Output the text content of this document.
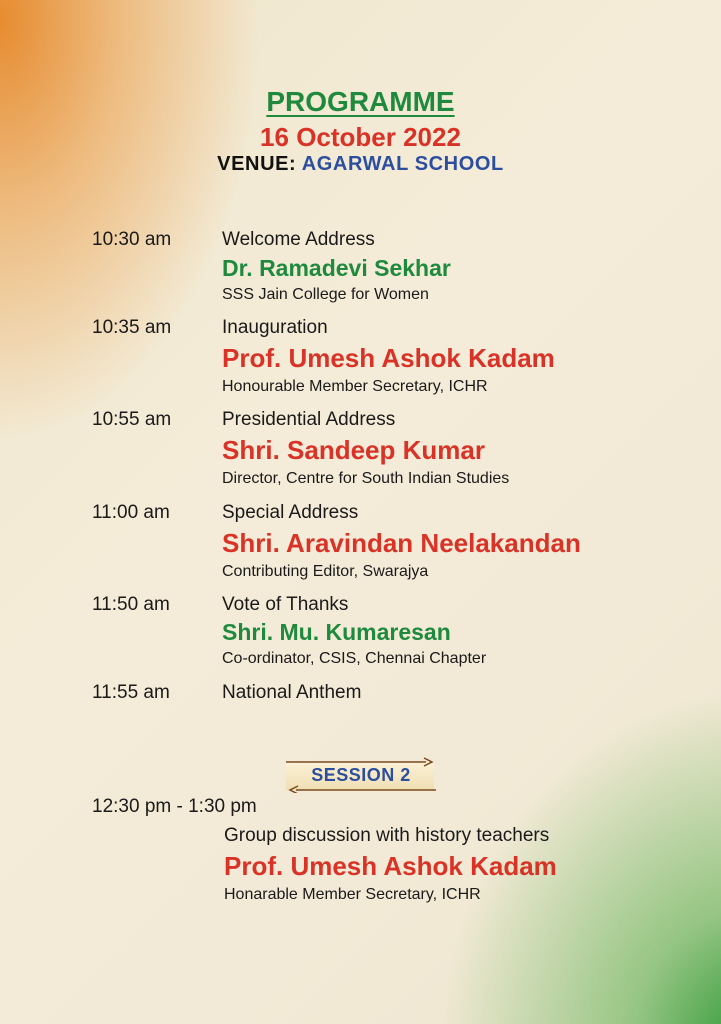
PROGRAMME
16 October 2022
VENUE: AGARWAL SCHOOL
10:30 am	Welcome Address
Dr. Ramadevi Sekhar
SSS Jain College for Women
10:35 am	Inauguration
Prof. Umesh Ashok Kadam
Honourable Member Secretary, ICHR
10:55 am	Presidential Address
Shri. Sandeep Kumar
Director, Centre for South Indian Studies
11:00 am	Special Address
Shri. Aravindan Neelakandan
Contributing Editor, Swarajya
11:50 am	Vote of Thanks
Shri. Mu. Kumaresan
Co-ordinator, CSIS, Chennai Chapter
11:55 am	National Anthem
SESSION 2
12:30 pm - 1:30 pm
Group discussion with history teachers
Prof. Umesh Ashok Kadam
Honarable Member Secretary, ICHR
